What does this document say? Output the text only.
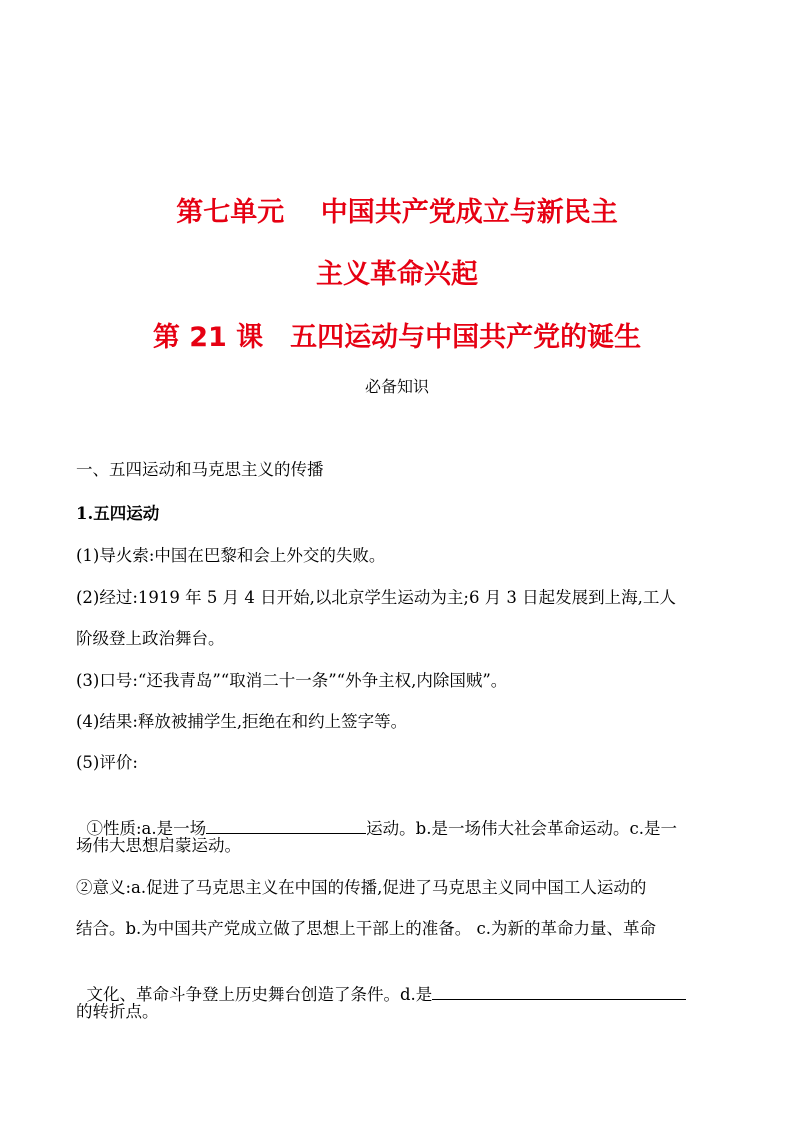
第七单元　 中国共产党成立与新民主
主义革命兴起
第 21 课　五四运动与中国共产党的诞生
必备知识
一、五四运动和马克思主义的传播
1.五四运动
(1)导火索:中国在巴黎和会上外交的失败。
(2)经过:1919 年 5 月 4 日开始,以北京学生运动为主;6 月 3 日起发展到上海,工人
阶级登上政治舞台。
(3)口号:“还我青岛”“取消二十一条”“外争主权,内除国贼”。
(4)结果:释放被捕学生,拒绝在和约上签字等。
(5)评价:

①性质:a.是一场	运动。b.是一场伟大社会革命运动。c.是一

场伟大思想启蒙运动。
②意义:a.促进了马克思主义在中国的传播,促进了马克思主义同中国工人运动的
结合。b.为中国共产党成立做了思想上干部上的准备。 c.为新的革命力量、革命

文化、革命斗争登上历史舞台创造了条件。d.是

的转折点。
